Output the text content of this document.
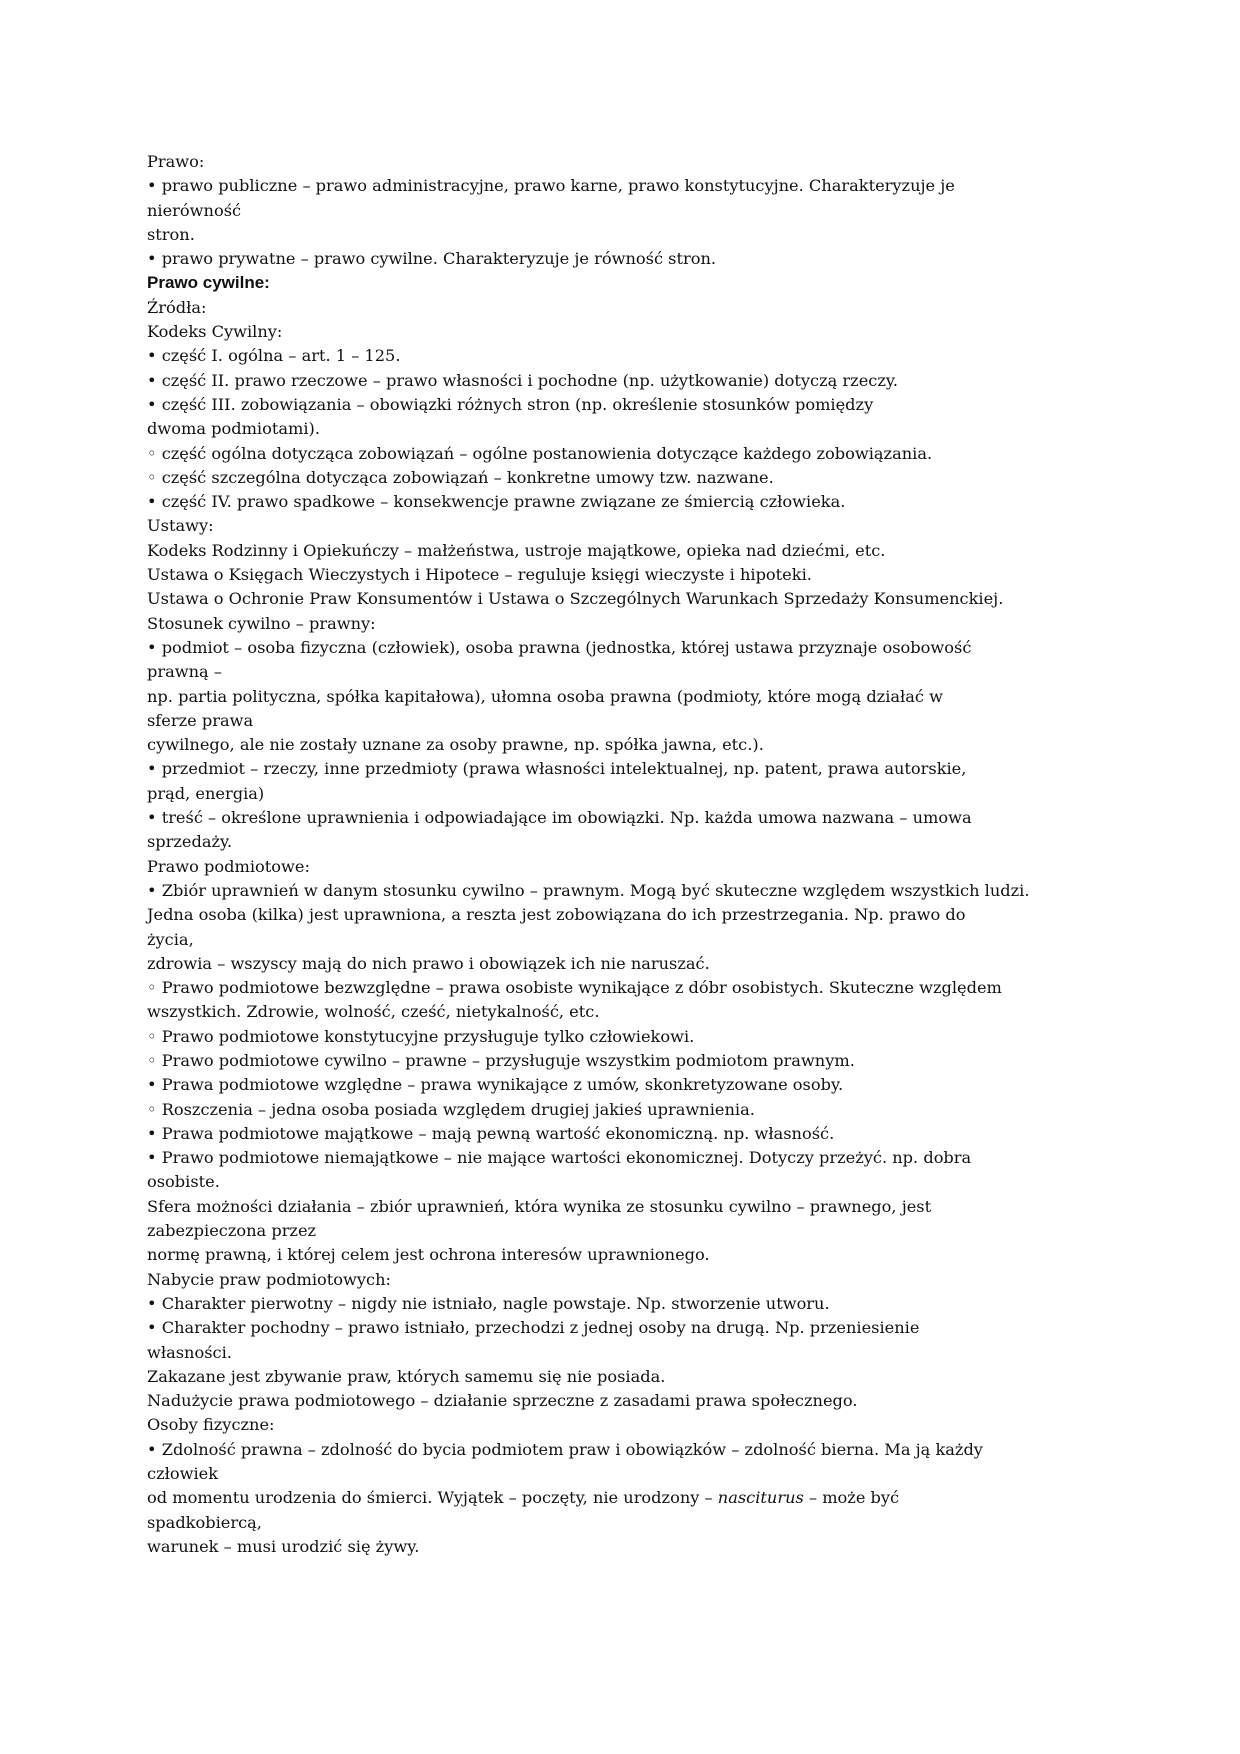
Prawo:
• prawo publiczne – prawo administracyjne, prawo karne, prawo konstytucyjne. Charakteryzuje je
nierówność
stron.
• prawo prywatne – prawo cywilne. Charakteryzuje je równość stron.
Prawo cywilne:
Źródła:
Kodeks Cywilny:
• część I. ogólna – art. 1 – 125.
• część II. prawo rzeczowe – prawo własności i pochodne (np. użytkowanie) dotyczą rzeczy.
• część III. zobowiązania – obowiązki różnych stron (np. określenie stosunków pomiędzy
dwoma podmiotami).
◦ część ogólna dotycząca zobowiązań – ogólne postanowienia dotyczące każdego zobowiązania.
◦ część szczególna dotycząca zobowiązań – konkretne umowy tzw. nazwane.
• część IV. prawo spadkowe – konsekwencje prawne związane ze śmiercią człowieka.
Ustawy:
Kodeks Rodzinny i Opiekuńczy – małżeństwa, ustroje majątkowe, opieka nad dziećmi, etc.
Ustawa o Księgach Wieczystych i Hipotece – reguluje księgi wieczyste i hipoteki.
Ustawa o Ochronie Praw Konsumentów i Ustawa o Szczególnych Warunkach Sprzedaży Konsumenckiej.
Stosunek cywilno – prawny:
• podmiot – osoba fizyczna (człowiek), osoba prawna (jednostka, której ustawa przyznaje osobowość
prawną –
np. partia polityczna, spółka kapitałowa), ułomna osoba prawna (podmioty, które mogą działać w
sferze prawa
cywilnego, ale nie zostały uznane za osoby prawne, np. spółka jawna, etc.).
• przedmiot – rzeczy, inne przedmioty (prawa własności intelektualnej, np. patent, prawa autorskie,
prąd, energia)
• treść – określone uprawnienia i odpowiadające im obowiązki. Np. każda umowa nazwana – umowa
sprzedaży.
Prawo podmiotowe:
• Zbiór uprawnień w danym stosunku cywilno – prawnym. Mogą być skuteczne względem wszystkich ludzi.
Jedna osoba (kilka) jest uprawniona, a reszta jest zobowiązana do ich przestrzegania. Np. prawo do
życia,
zdrowia – wszyscy mają do nich prawo i obowiązek ich nie naruszać.
◦ Prawo podmiotowe bezwzględne – prawa osobiste wynikające z dóbr osobistych. Skuteczne względem
wszystkich. Zdrowie, wolność, cześć, nietykalność, etc.
◦ Prawo podmiotowe konstytucyjne przysługuje tylko człowiekowi.
◦ Prawo podmiotowe cywilno – prawne – przysługuje wszystkim podmiotom prawnym.
• Prawa podmiotowe względne – prawa wynikające z umów, skonkretyzowane osoby.
◦ Roszczenia – jedna osoba posiada względem drugiej jakieś uprawnienia.
• Prawa podmiotowe majątkowe – mają pewną wartość ekonomiczną. np. własność.
• Prawo podmiotowe niemajątkowe – nie mające wartości ekonomicznej. Dotyczy przeżyć. np. dobra
osobiste.
Sfera możności działania – zbiór uprawnień, która wynika ze stosunku cywilno – prawnego, jest
zabezpieczona przez
normę prawną, i której celem jest ochrona interesów uprawnionego.
Nabycie praw podmiotowych:
• Charakter pierwotny – nigdy nie istniało, nagle powstaje. Np. stworzenie utworu.
• Charakter pochodny – prawo istniało, przechodzi z jednej osoby na drugą. Np. przeniesienie
własności.
Zakazane jest zbywanie praw, których samemu się nie posiada.
Nadużycie prawa podmiotowego – działanie sprzeczne z zasadami prawa społecznego.
Osoby fizyczne:
• Zdolność prawna – zdolność do bycia podmiotem praw i obowiązków – zdolność bierna. Ma ją każdy
człowiek
od momentu urodzenia do śmierci. Wyjątek – poczęty, nie urodzony – nasciturus – może być
spadkobiercą,
warunek – musi urodzić się żywy.
